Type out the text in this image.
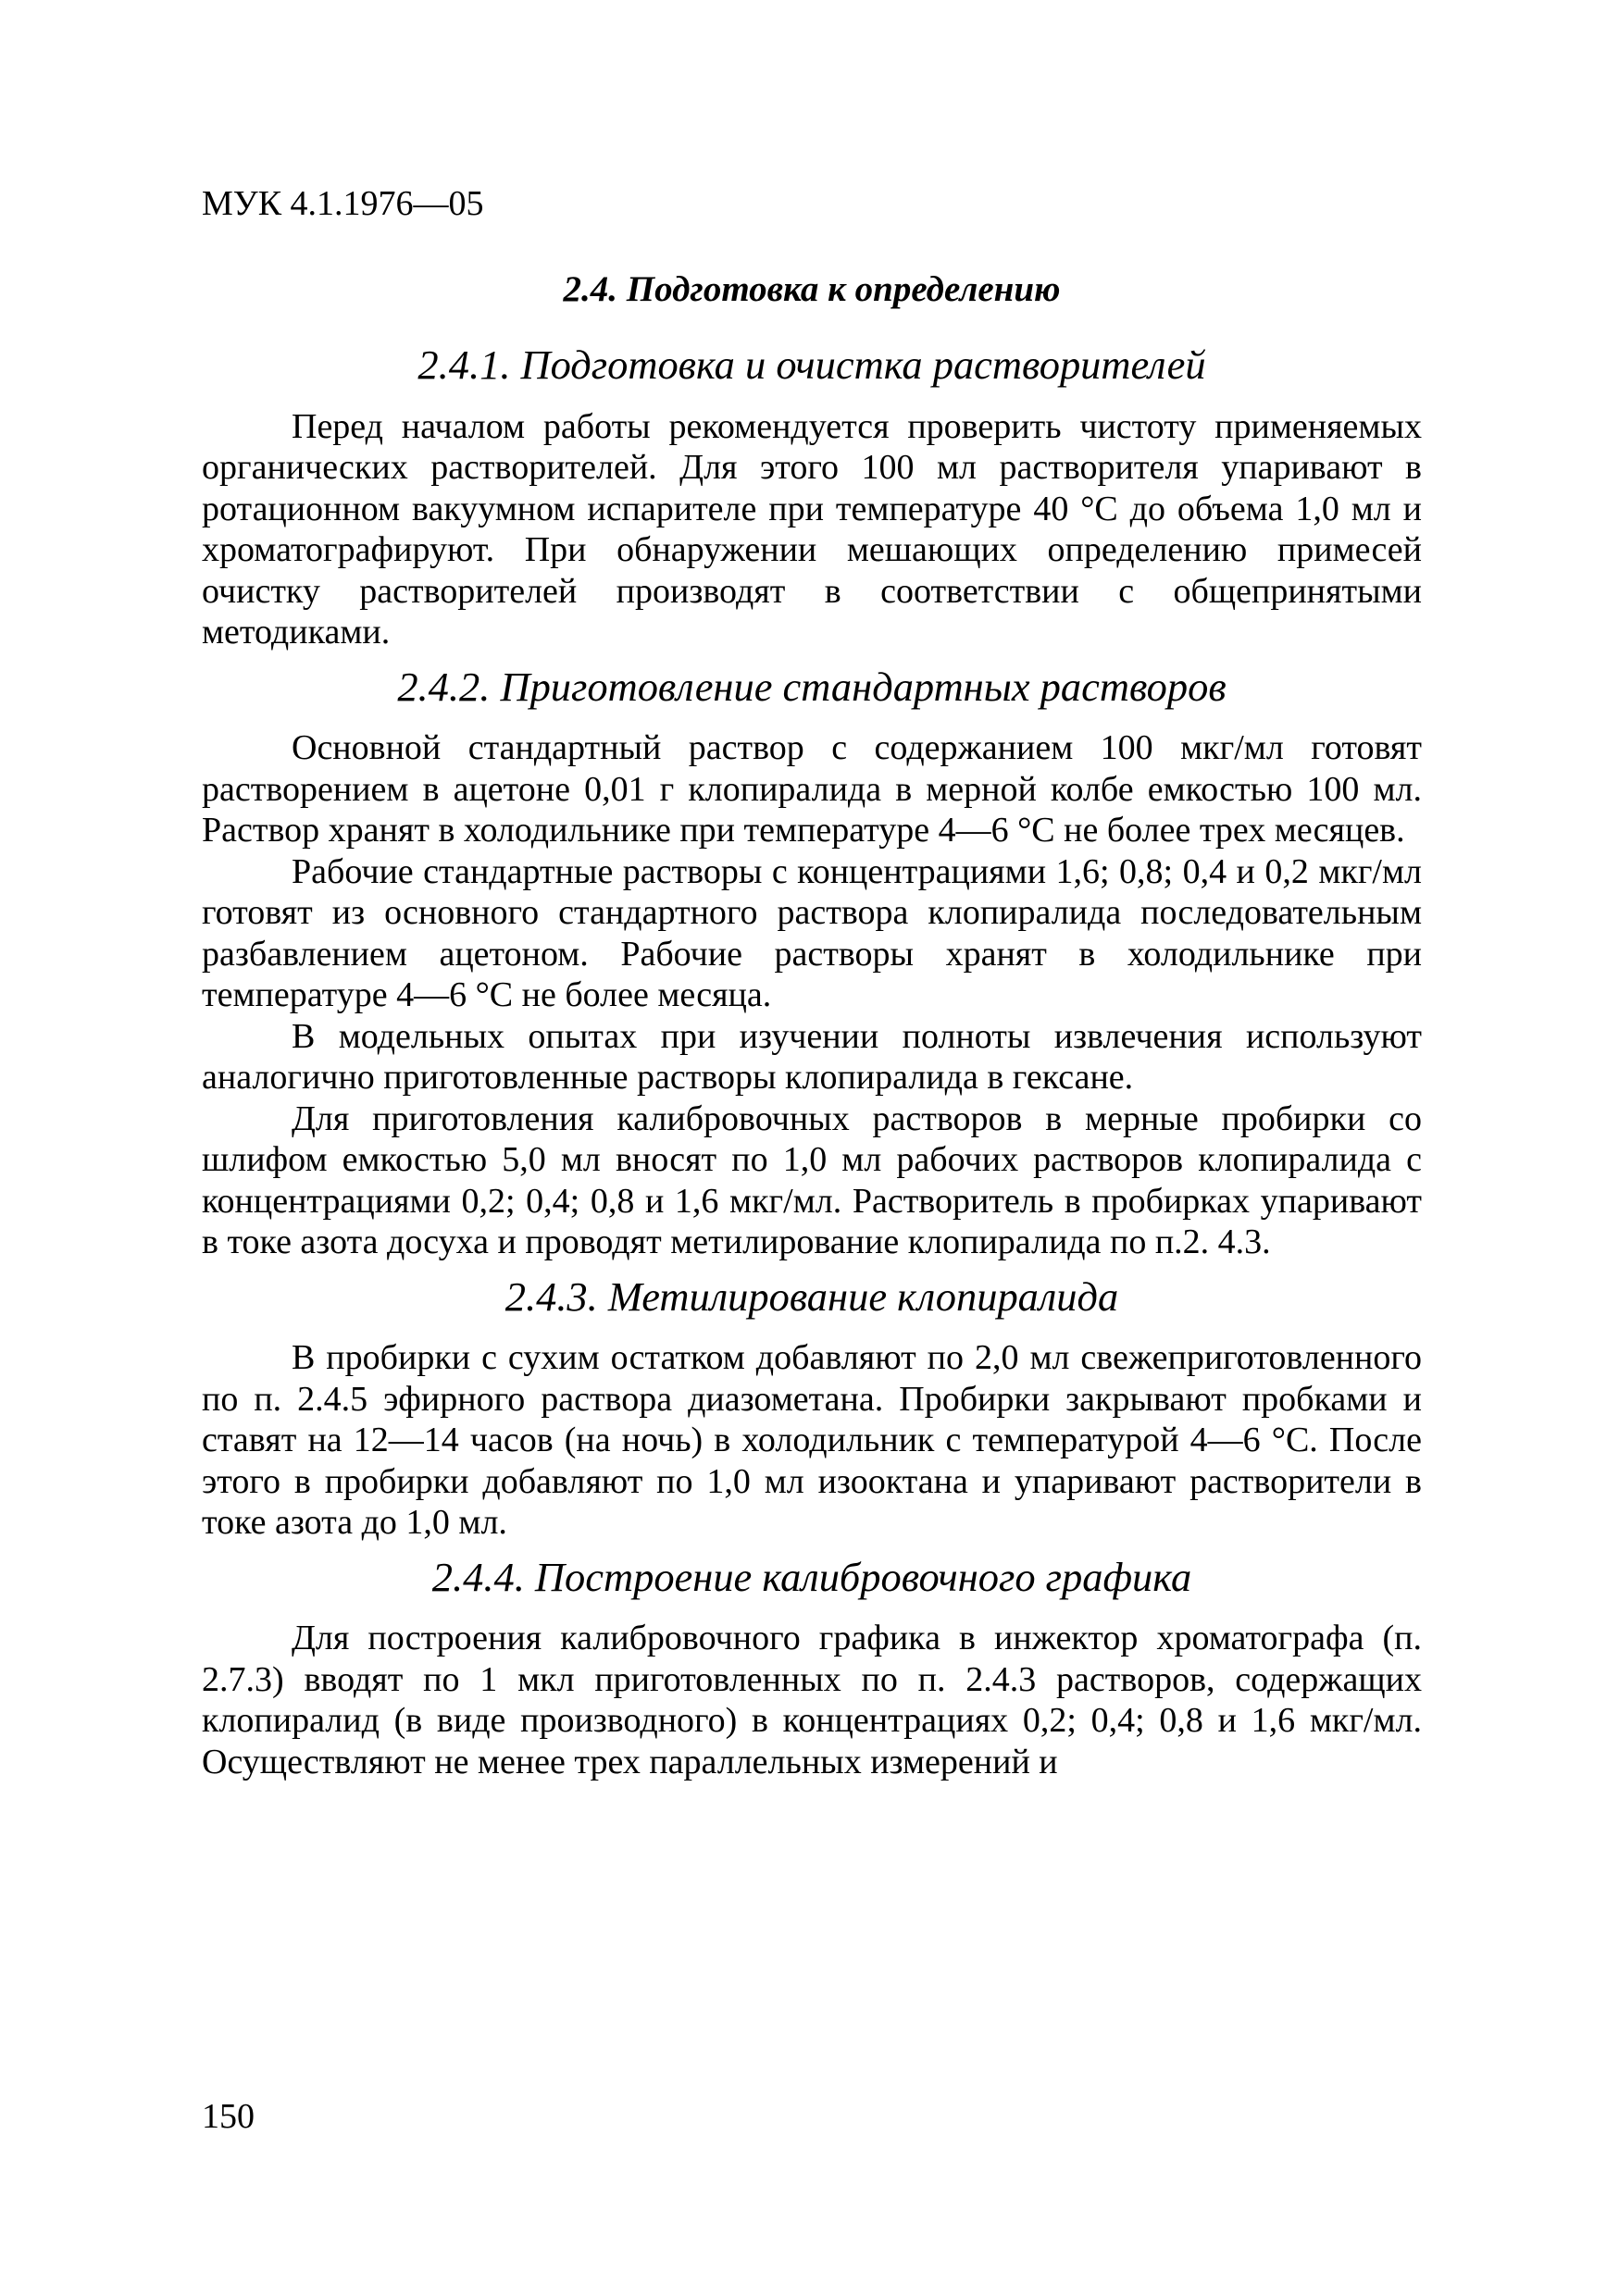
МУК 4.1.1976—05
2.4. Подготовка к определению
2.4.1. Подготовка и очистка растворителей

Перед началом работы рекомендуется проверить чистоту применяемых органических растворителей. Для этого 100 мл растворителя упаривают в ротационном вакуумном испарителе при температуре 40 °С до объема 1,0 мл и хроматографируют. При обнаружении мешающих определению примесей очистку растворителей производят в соответствии с общепринятыми методиками.

2.4.2. Приготовление стандартных растворов

Основной стандартный раствор с содержанием 100 мкг/мл готовят растворением в ацетоне 0,01 г клопиралида в мерной колбе емкостью 100 мл. Раствор хранят в холодильнике при температуре 4—6 °С не более трех месяцев.

Рабочие стандартные растворы с концентрациями 1,6; 0,8; 0,4 и 0,2 мкг/мл готовят из основного стандартного раствора клопиралида последовательным разбавлением ацетоном. Рабочие растворы хранят в холодильнике при температуре 4—6 °С не более месяца.

В модельных опытах при изучении полноты извлечения используют аналогично приготовленные растворы клопиралида в гексане.

Для приготовления калибровочных растворов в мерные пробирки со шлифом емкостью 5,0 мл вносят по 1,0 мл рабочих растворов клопиралида с концентрациями 0,2; 0,4; 0,8 и 1,6 мкг/мл. Растворитель в пробирках упаривают в токе азота досуха и проводят метилирование клопиралида по п.2. 4.3.

2.4.3. Метилирование клопиралида

В пробирки с сухим остатком добавляют по 2,0 мл свежеприготовленного по п. 2.4.5 эфирного раствора диазометана. Пробирки закрывают пробками и ставят на 12—14 часов (на ночь) в холодильник с температурой 4—6 °С. После этого в пробирки добавляют по 1,0 мл изооктана и упаривают растворители в токе азота до 1,0 мл.

2.4.4. Построение калибровочного графика

Для построения калибровочного графика в инжектор хроматографа (п. 2.7.3) вводят по 1 мкл приготовленных по п. 2.4.3 растворов, содержащих клопиралид (в виде производного) в концентрациях 0,2; 0,4; 0,8 и 1,6 мкг/мл. Осуществляют не менее трех параллельных измерений и

150
